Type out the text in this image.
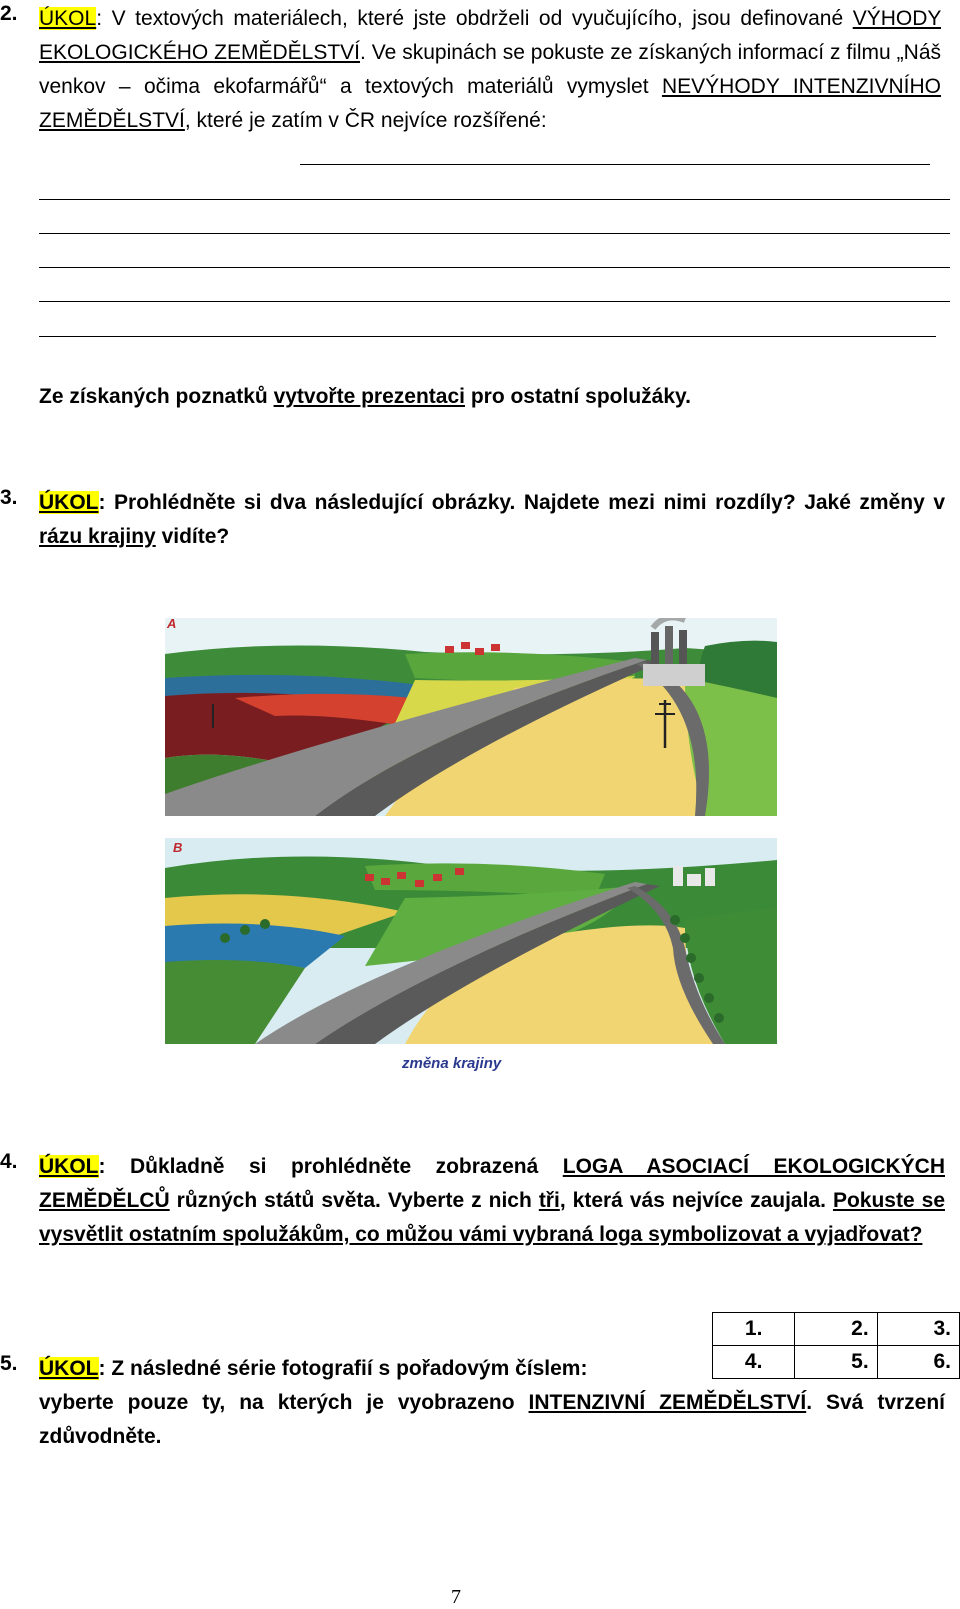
2.	ÚKOL: V textových materiálech, které jste obdrželi od vyučujícího, jsou definované VÝHODY EKOLOGICKÉHO ZEMĚDĚLSTVÍ. Ve skupinách se pokuste ze získaných informací z filmu „Náš venkov – očima ekofarmářů“ a textových materiálů vymyslet NEVÝHODY INTENZIVNÍHO ZEMĚDĚLSTVÍ, které je zatím v ČR nejvíce rozšířené:
Ze získaných poznatků vytvořte prezentaci pro ostatní spolužáky.
3.	ÚKOL: Prohlédněte si dva následující obrázky. Najdete mezi nimi rozdíly? Jaké změny v rázu krajiny vidíte?
A
B
změna krajiny
4.	ÚKOL: Důkladně si prohlédněte zobrazená LOGA ASOCIACÍ EKOLOGICKÝCH ZEMĚDĚLCŮ různých států světa. Vyberte z nich tři, která vás nejvíce zaujala. Pokuste se vysvětlit ostatním spolužákům, co můžou vámi vybraná loga symbolizovat a vyjadřovat?
1.	2.	3.
4.	5.	6.
5.	ÚKOL: Z následné série fotografií s pořadovým číslem:
vyberte pouze ty, na kterých je vyobrazeno INTENZIVNÍ ZEMĚDĚLSTVÍ. Svá tvrzení zdůvodněte.
7
